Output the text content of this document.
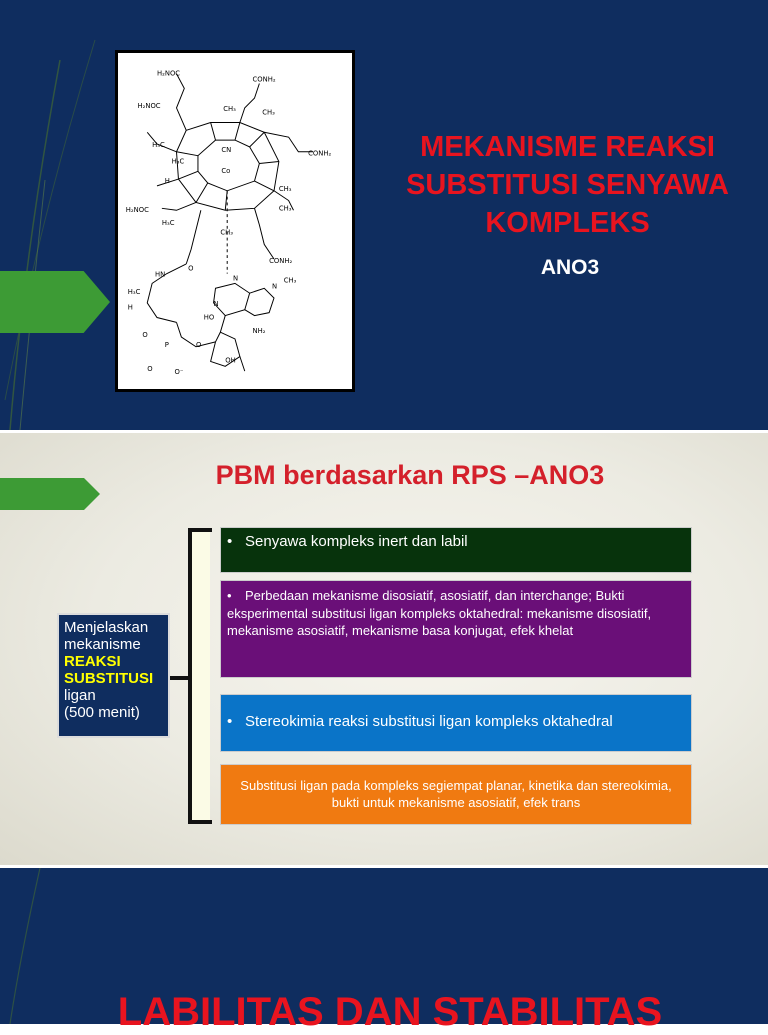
H₂NOC
CONH₂
H₂NOC	CH₃	CH₃
H₃C
H₃C
CN
Co
CONH₂
H
CH₃
CH₃
H₂NOC
H₃C
CH₃
CONH₂
HN
O
N
N
N
CH₃
H₃C
H
HO
NH₂
O
P
O
O
O⁻
OH
MEKANISME REAKSI
SUBSTITUSI SENYAWA
KOMPLEKS
ANO3
PBM berdasarkan RPS –ANO3
Menjelaskan mekanisme
REAKSI
SUBSTITUSI
ligan
(500 menit)
• Senyawa kompleks inert dan labil
• Perbedaan mekanisme disosiatif, asosiatif, dan interchange; Bukti eksperimental substitusi ligan kompleks oktahedral: mekanisme disosiatif, mekanisme asosiatif, mekanisme basa konjugat, efek khelat
• Stereokimia reaksi substitusi ligan kompleks oktahedral
Substitusi ligan pada kompleks segiempat planar, kinetika dan stereokimia, bukti untuk mekanisme asosiatif, efek trans
LABILITAS DAN STABILITAS
